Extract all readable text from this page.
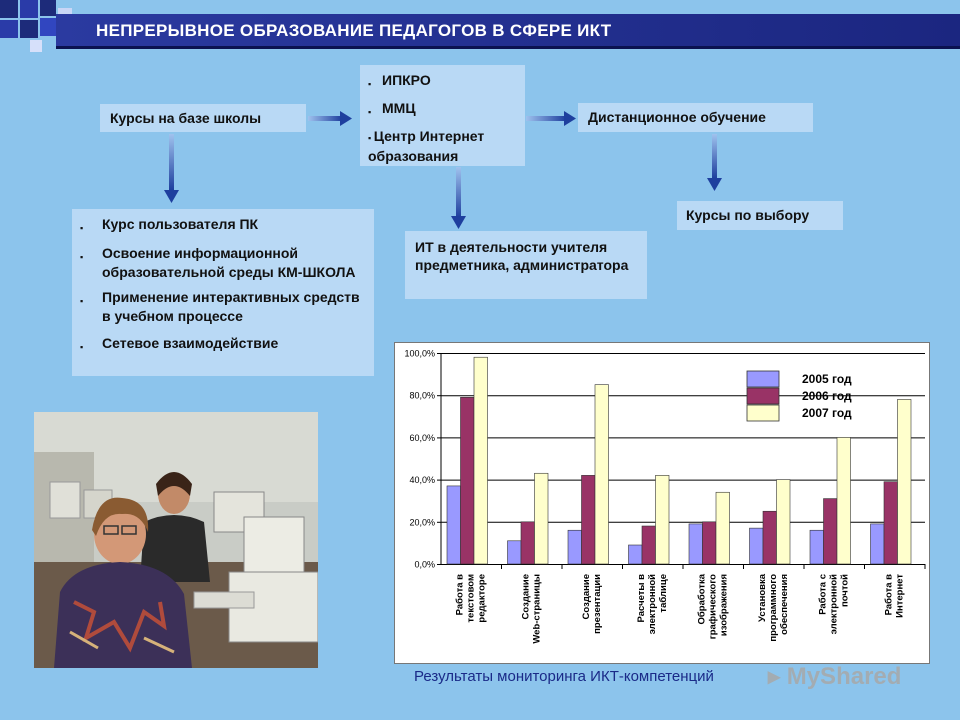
НЕПРЕРЫВНОЕ ОБРАЗОВАНИЕ ПЕДАГОГОВ В СФЕРЕ ИКТ
Курсы на базе школы
▪ ИПКРО
▪ ММЦ
▪ Центр Интернет образования
Дистанционное обучение
Курсы по выбору
ИТ в деятельности учителя предметника, администратора
▪	Курс пользователя ПК
▪	Освоение информационной образовательной среды КМ-ШКОЛА
▪	Применение интерактивных средств в учебном процессе
▪	Сетевое взаимодействие
0,0%
20,0%
40,0%
60,0%
80,0%
100,0%
Работа втекстовомредакторе	СозданиеWeb-страницы	Созданиепрезентации	Расчеты вэлектроннойтаблице	Обработкаграфическогоизображения	Установкапрограммногообеспечения	Работа сэлектроннойпочтой	Работа вИнтернет
2005 год
2006 год
2007 год
Результаты мониторинга ИКТ-компетенций ▸ MyShared
